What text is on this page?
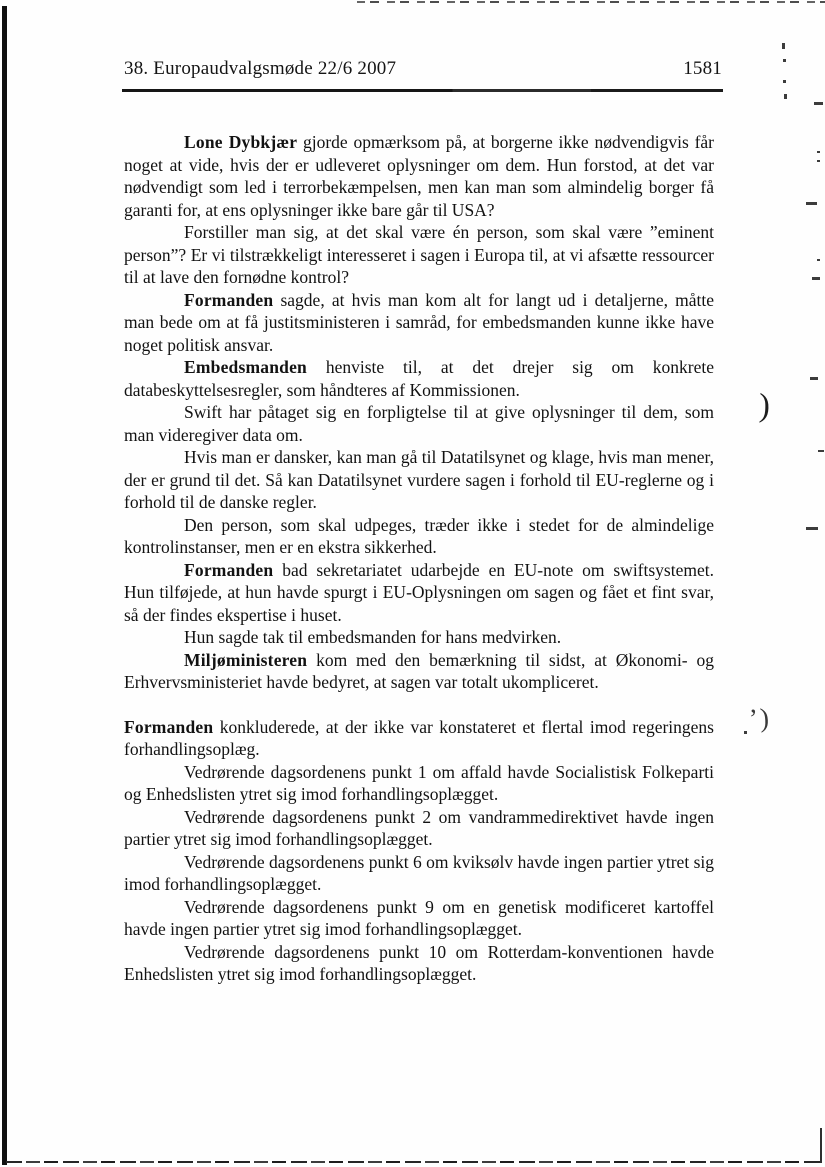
38. Europaudvalgsmøde 22/6 2007	1581

Lone Dybkjær gjorde opmærksom på, at borgerne ikke nødvendigvis får noget at vide, hvis der er udleveret oplysninger om dem. Hun forstod, at det var nødvendigt som led i terrorbekæmpelsen, men kan man som almindelig borger få garanti for, at ens oplysninger ikke bare går til USA?

Forstiller man sig, at det skal være én person, som skal være ”eminent person”? Er vi tilstrækkeligt interesseret i sagen i Europa til, at vi afsætte ressourcer til at lave den fornødne kontrol?

Formanden sagde, at hvis man kom alt for langt ud i detaljerne, måtte man bede om at få justitsministeren i samråd, for embedsmanden kunne ikke have noget politisk ansvar.

Embedsmanden henviste til, at det drejer sig om konkrete databeskyttelsesregler, som håndteres af Kommissionen.

Swift har påtaget sig en forpligtelse til at give oplysninger til dem, som man videregiver data om.

Hvis man er dansker, kan man gå til Datatilsynet og klage, hvis man mener, der er grund til det. Så kan Datatilsynet vurdere sagen i forhold til EU-reglerne og i forhold til de danske regler.

Den person, som skal udpeges, træder ikke i stedet for de almindelige kontrolinstanser, men er en ekstra sikkerhed.

Formanden bad sekretariatet udarbejde en EU-note om swiftsystemet. Hun tilføjede, at hun havde spurgt i EU-Oplysningen om sagen og fået et fint svar, så der findes ekspertise i huset.

Hun sagde tak til embedsmanden for hans medvirken.

Miljøministeren kom med den bemærkning til sidst, at Økonomi- og Erhvervsministeriet havde bedyret, at sagen var totalt ukompliceret.

Formanden konkluderede, at der ikke var konstateret et flertal imod regeringens forhandlingsoplæg.

Vedrørende dagsordenens punkt 1 om affald havde Socialistisk Folkeparti og Enhedslisten ytret sig imod forhandlingsoplægget.

Vedrørende dagsordenens punkt 2 om vandrammedirektivet havde ingen partier ytret sig imod forhandlingsoplægget.

Vedrørende dagsordenens punkt 6 om kviksølv havde ingen partier ytret sig imod forhandlingsoplægget.

Vedrørende dagsordenens punkt 9 om en genetisk modificeret kartoffel havde ingen partier ytret sig imod forhandlingsoplægget.

Vedrørende dagsordenens punkt 10 om Rotterdam-konventionen havde Enhedslisten ytret sig imod forhandlingsoplægget.

)
ʼ)
